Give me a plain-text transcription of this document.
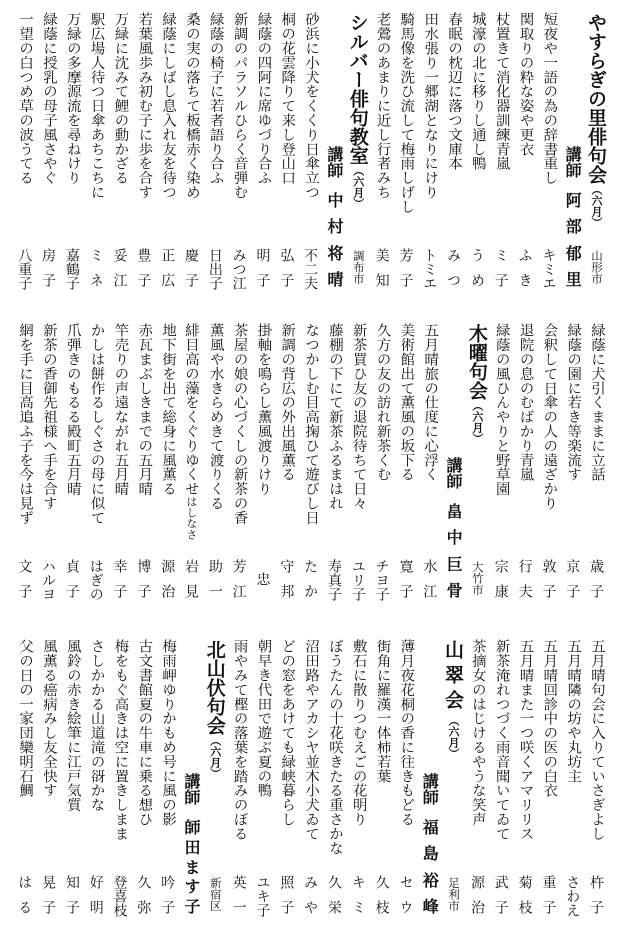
やすらぎの里俳句会（六月）
山形市
講師
阿
部
郁
里
短夜や一語の為の辞書重し
キ
ミ
エ
関取りの粋な姿や更衣
ふ
き
杖置きて消化器訓練青嵐
ミ
子
城濠の北に移りし通し鴨
う
め
春眠の枕辺に落つ文庫本
み
つ
田水張り一郷湖となりにけり
ト
ミ
エ
騎馬像を洗ひ流して梅雨しげし
芳
子
老鶯のあまりに近し行者みち
美
知
シルバー俳句教室（六月）
調布市
講師
中
村
将
晴
砂浜に小犬をくくり日傘立つ
不
二
夫
桐の花雲降りて来し登山口
弘
子
緑蔭の四阿に席ゆづり合ふ
明
子
新調のパラソルひらく音弾む
み
つ
江
緑蔭の椅子に若者語り合ふ
日
出
子
桑の実の落ちて板橋赤く染め
慶
子
緑蔭にしばし息入れ友を待つ
正
広
若葉風歩み初む子に歩を合す
豊
子
万緑に沈みて鯉の動かざる
妥
江
駅広場人待つ日傘あちこちに
ミ
ネ
万緑の多摩源流を尋ねけり
嘉
鶴
子
緑蔭に授乳の母子風さやぐ
房
子
一望の白つめ草の波うてる
八
重
子
緑蔭に犬引くままに立話
歳
子
緑蔭の園に若き等楽流す
京
子
会釈して日傘の人の遠ざかり
敦
子
退院の息のむばかり青嵐
行
夫
緑蔭の風ひんやりと野草園
宗
康
木曜句会（六月）
大竹市
講師
畠
中
巨
骨
五月晴旅の仕度に心浮く
水
江
美術館出て薫風の坂下る
寛
子
久方の友の訪れ新茶くむ
チ
ヨ
子
新茶買ひ友の退院待ちて日々
ユ
リ
子
藤棚の下にて新茶ふるまはれ
寿
真
子
なつかしむ目高掬ひて遊びし日
た
か
新調の背広の外出風薫る
守
邦
掛軸を鳴らし薫風渡りけり
忠
茶屋の娘の心づくしの新茶の香
芳
江
薫風や水きらめきて渡りくる
助
一
緋目高の藻をくぐりゆくせはしなさ
岩
見
地下街を出て総身に風薫る
源
治
赤瓦まぶしきまでの五月晴
博
子
竿売りの声遠ながれ五月晴
幸
子
かしは餅作るしぐさの母に似て
は
ぎ
の
爪弾きのもるる殿町五月晴
貞
子
新茶の香御先祖様へ手を合す
ハ
ル
ヨ
網を手に目高追ふ子を今は見ず
文
子
五月晴句会に入りていさぎよし
杵
子
五月晴隣の坊や丸坊主
さ
わ
え
五月晴回診中の医の白衣
重
子
五月晴また一つ咲くアマリリス
菊
枝
新茶淹れつづく雨音聞いてゐて
武
子
茶摘女のはじけるやうな笑声
源
治
山翠会（六月）
足利市
講師
福
島
裕
峰
薄月夜花桐の香に往きもどる
セ
ウ
街角に羅漢一体柿若葉
久
枝
敷石に散りつむえごの花明り
キ
ミ
ぼうたんの十花咲きたる重さかな
久
栄
沼田路やアカシヤ並木小犬ゐて
み
や
どの窓をあけても緑峡暮らし
照
子
朝早き代田で遊ぶ夏の鴨
ユ
キ
子
雨やみて樫の落葉を踏みのぼる
英
一
北山伏句会（六月）
新宿区
講師
師
田
ま
す
子
梅雨岬ゆりかもめ号に風の影
吟
子
古文書館夏の牛車に乗る想ひ
久
弥
梅をもぐ高きは空に置きしまま
登
喜
枝
さしかかる山道滝の谺かな
好
明
風鈴の赤き絵筆に江戸気質
知
子
風薫る癌病みし友全快す
晃
子
父の日の一家団欒明石鯛
は
る
